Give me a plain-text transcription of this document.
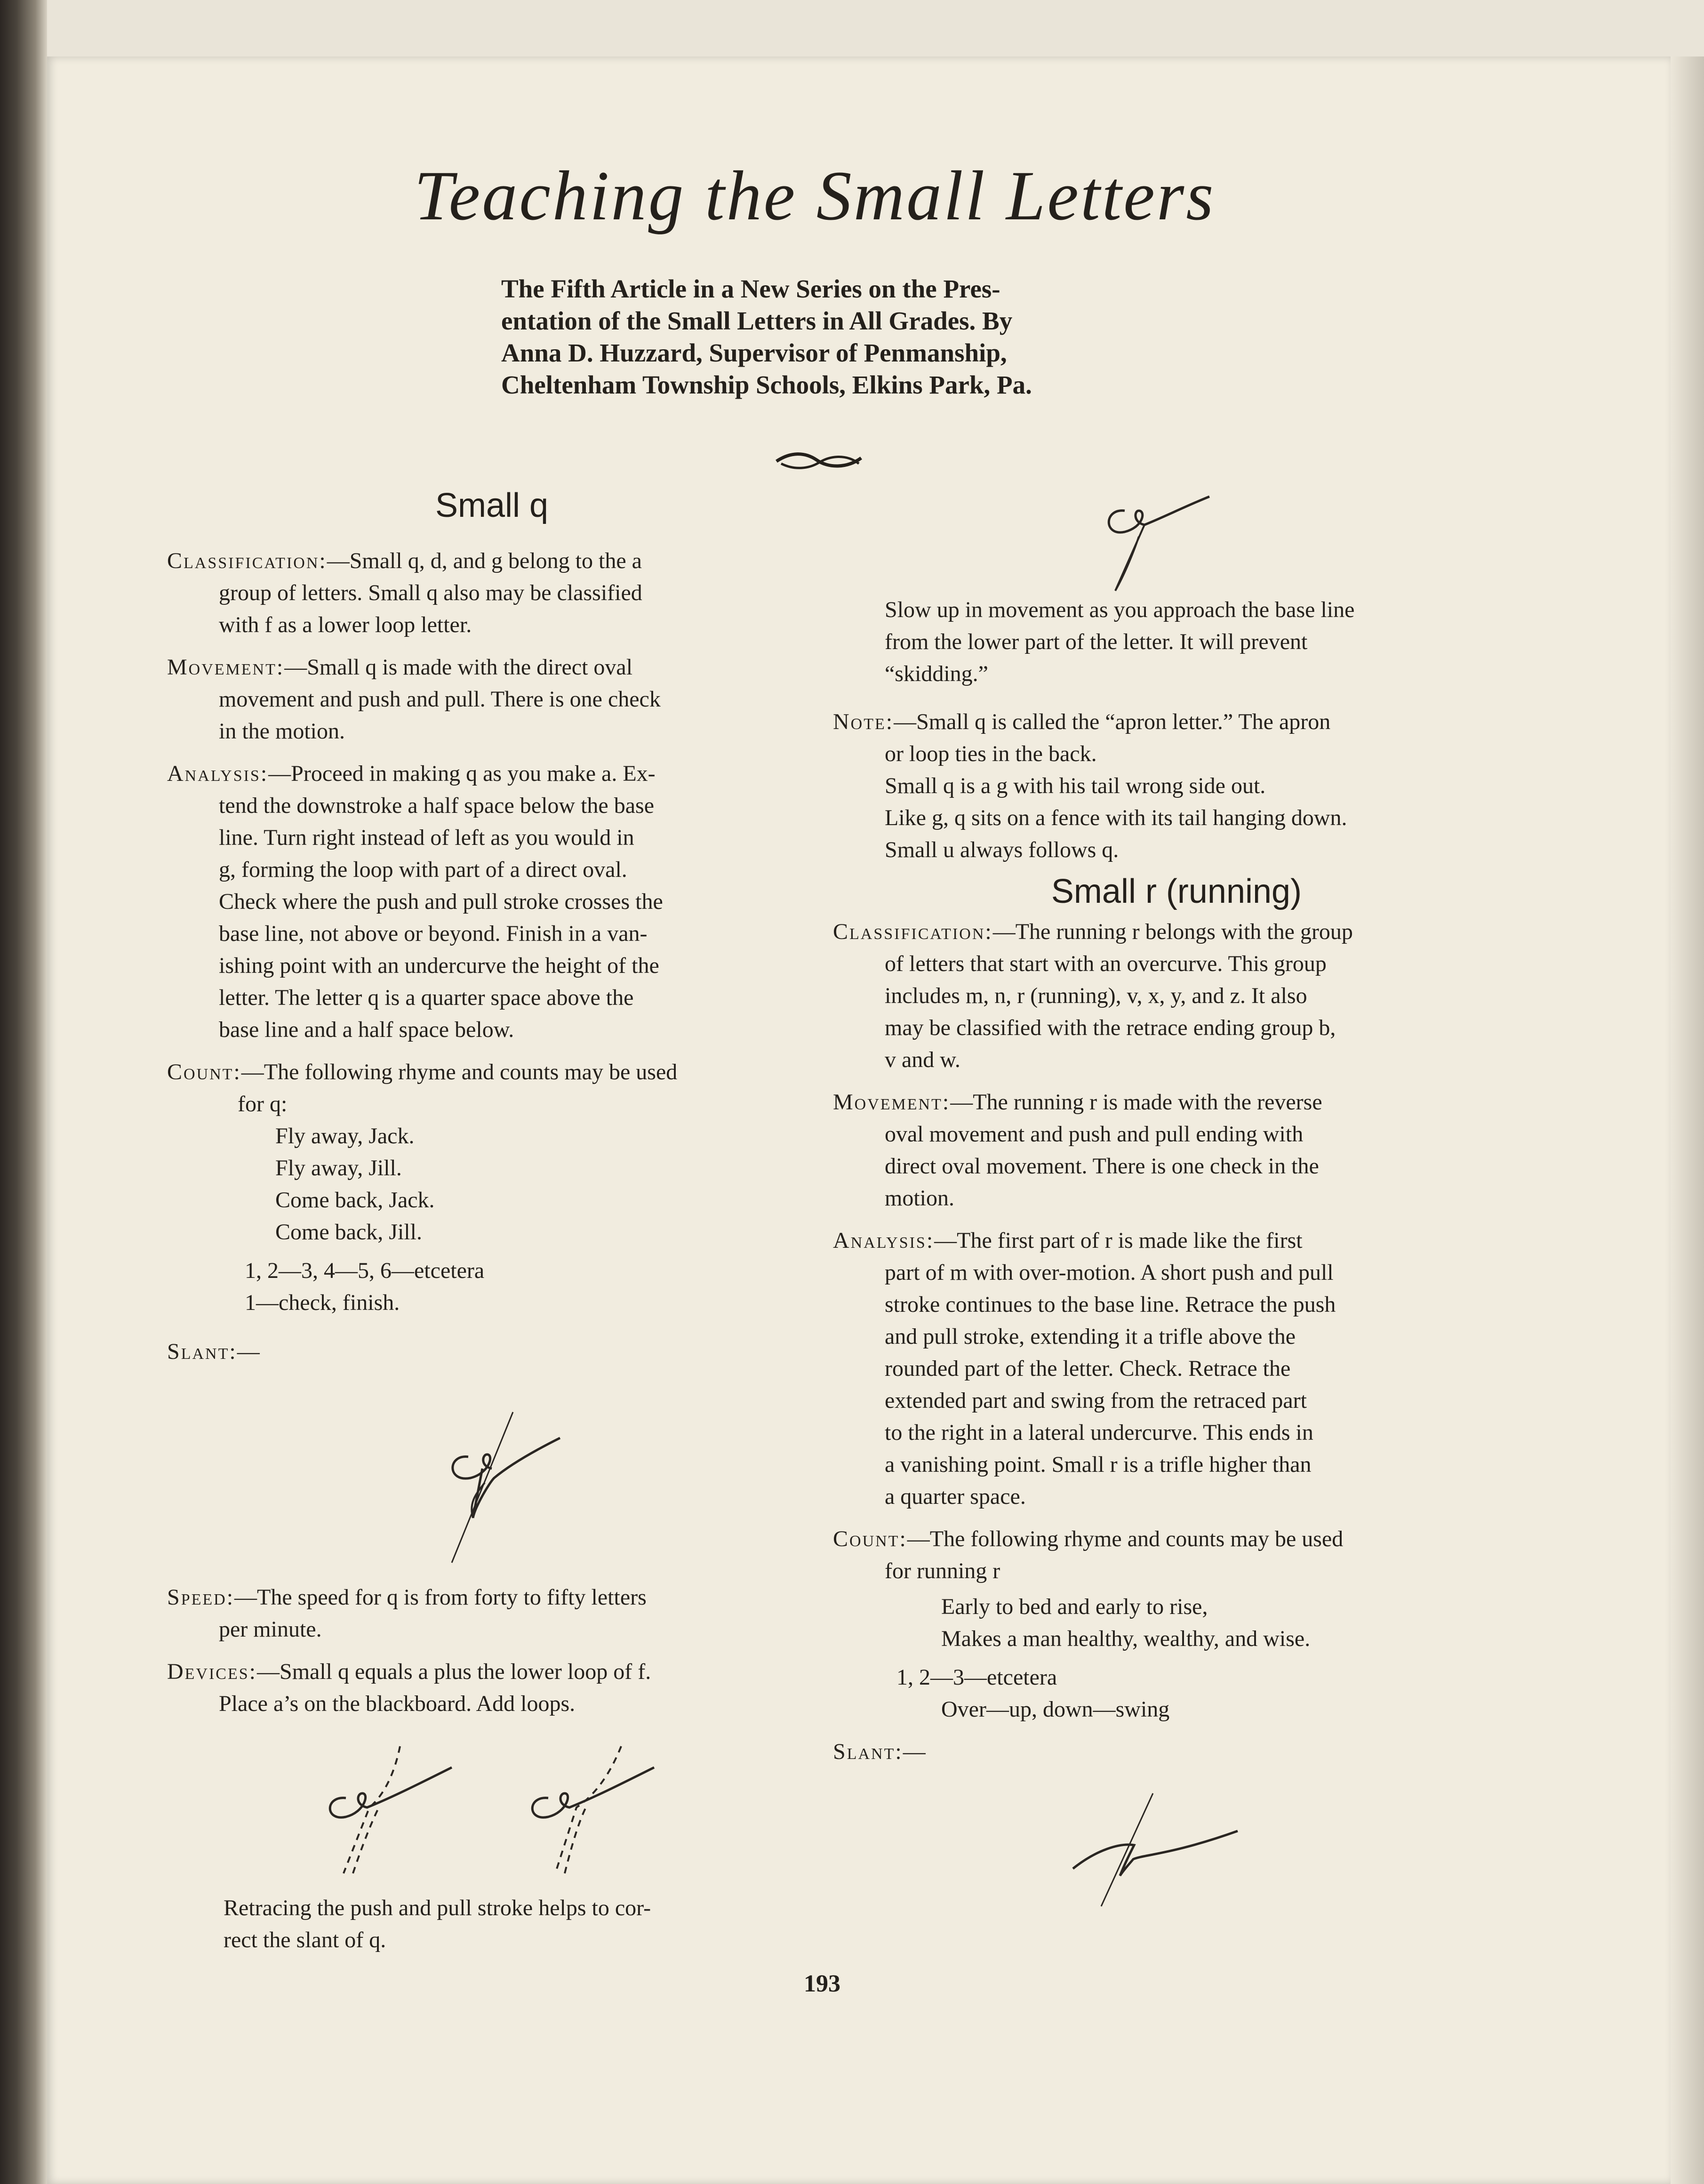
Teaching the Small Letters
The Fifth Article in a New Series on the Pres-
entation of the Small Letters in All Grades. By
Anna D. Huzzard, Supervisor of Penmanship,
Cheltenham Township Schools, Elkins Park, Pa.

Small q

Classification:—Small q, d, and g belong to the a

group of letters. Small q also may be classified

with f as a lower loop letter.

Movement:—Small q is made with the direct oval

movement and push and pull. There is one check

in the motion.

Analysis:—Proceed in making q as you make a. Ex-

tend the downstroke a half space below the base

line. Turn right instead of left as you would in

g, forming the loop with part of a direct oval.

Check where the push and pull stroke crosses the

base line, not above or beyond. Finish in a van-

ishing point with an undercurve the height of the

letter. The letter q is a quarter space above the

base line and a half space below.

Count:—The following rhyme and counts may be used

for q:

Fly away, Jack.

Fly away, Jill.

Come back, Jack.

Come back, Jill.

1, 2—3, 4—5, 6—etcetera

1—check, finish.

Slant:—

Speed:—The speed for q is from forty to fifty letters

per minute.

Devices:—Small q equals a plus the lower loop of f.

Place a’s on the blackboard. Add loops.

Retracing the push and pull stroke helps to cor-

rect the slant of q.

Slow up in movement as you approach the base line

from the lower part of the letter. It will prevent

“skidding.”

Note:—Small q is called the “apron letter.” The apron

or loop ties in the back.

Small q is a g with his tail wrong side out.

Like g, q sits on a fence with its tail hanging down.

Small u always follows q.

Small r (running)

Classification:—The running r belongs with the group

of letters that start with an overcurve. This group

includes m, n, r (running), v, x, y, and z. It also

may be classified with the retrace ending group b,

v and w.

Movement:—The running r is made with the reverse

oval movement and push and pull ending with

direct oval movement. There is one check in the

motion.

Analysis:—The first part of r is made like the first

part of m with over-motion. A short push and pull

stroke continues to the base line. Retrace the push

and pull stroke, extending it a trifle above the

rounded part of the letter. Check. Retrace the

extended part and swing from the retraced part

to the right in a lateral undercurve. This ends in

a vanishing point. Small r is a trifle higher than

a quarter space.

Count:—The following rhyme and counts may be used

for running r

Early to bed and early to rise,

Makes a man healthy, wealthy, and wise.

1, 2—3—etcetera

Over—up, down—swing

Slant:—

193
